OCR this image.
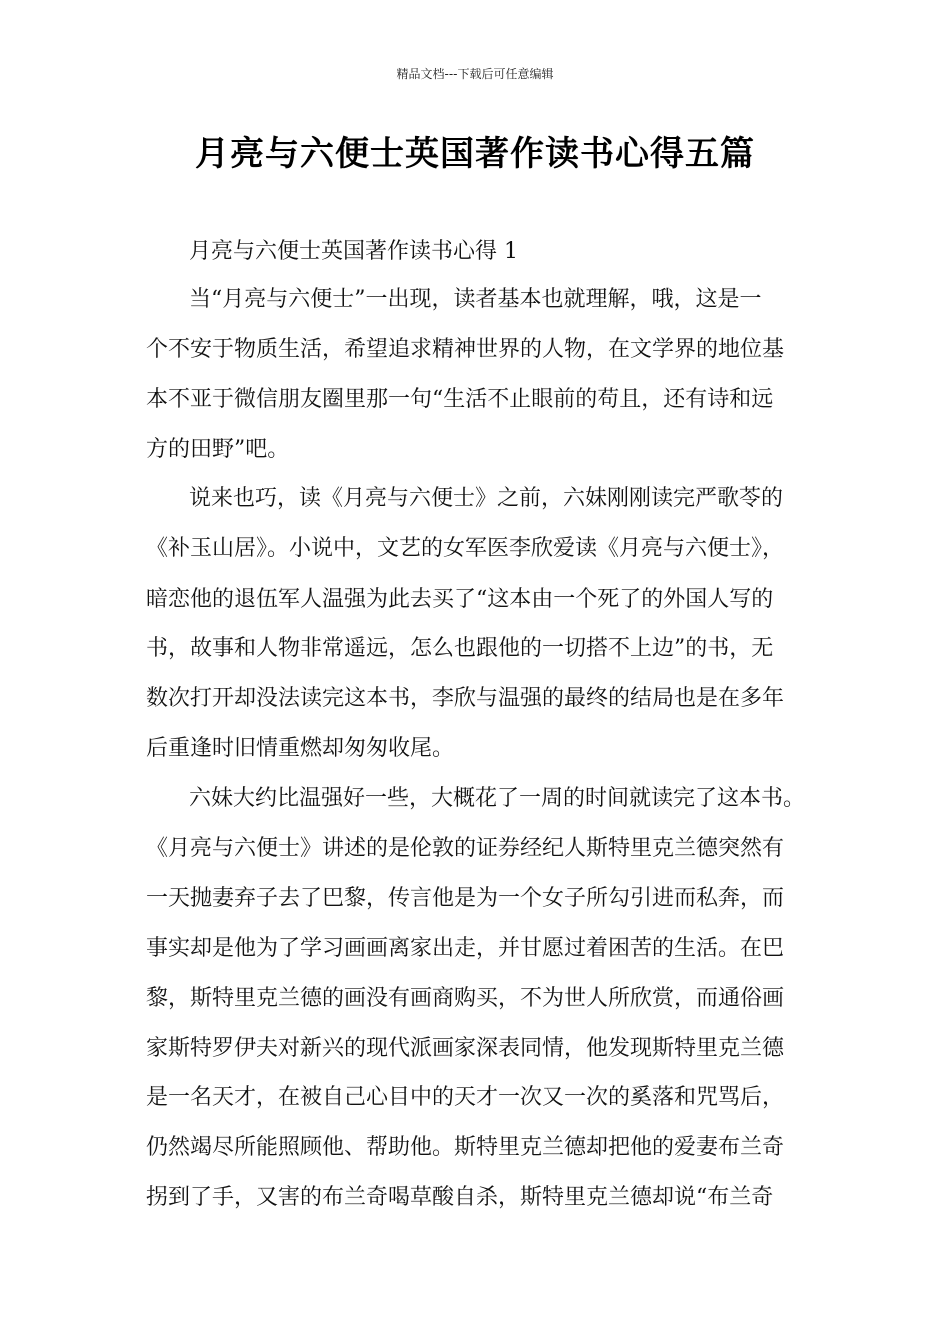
精品文档---下载后可任意编辑
月亮与六便士英国著作读书心得五篇
月亮与六便士英国著作读书心得 1
当“月亮与六便士”一出现，读者基本也就理解，哦，这是一
个不安于物质生活，希望追求精神世界的人物，在文学界的地位基
本不亚于微信朋友圈里那一句“生活不止眼前的苟且，还有诗和远
方的田野”吧。
说来也巧，读《月亮与六便士》之前，六妹刚刚读完严歌苓的
《补玉山居》。小说中，文艺的女军医李欣爱读《月亮与六便士》，
暗恋他的退伍军人温强为此去买了“这本由一个死了的外国人写的
书，故事和人物非常遥远，怎么也跟他的一切搭不上边”的书，无
数次打开却没法读完这本书，李欣与温强的最终的结局也是在多年
后重逢时旧情重燃却匆匆收尾。
六妹大约比温强好一些，大概花了一周的时间就读完了这本书。
《月亮与六便士》讲述的是伦敦的证券经纪人斯特里克兰德突然有
一天抛妻弃子去了巴黎，传言他是为一个女子所勾引进而私奔，而
事实却是他为了学习画画离家出走，并甘愿过着困苦的生活。在巴
黎，斯特里克兰德的画没有画商购买，不为世人所欣赏，而通俗画
家斯特罗伊夫对新兴的现代派画家深表同情，他发现斯特里克兰德
是一名天才，在被自己心目中的天才一次又一次的奚落和咒骂后，
仍然竭尽所能照顾他、帮助他。斯特里克兰德却把他的爱妻布兰奇
拐到了手，又害的布兰奇喝草酸自杀，斯特里克兰德却说“布兰奇
